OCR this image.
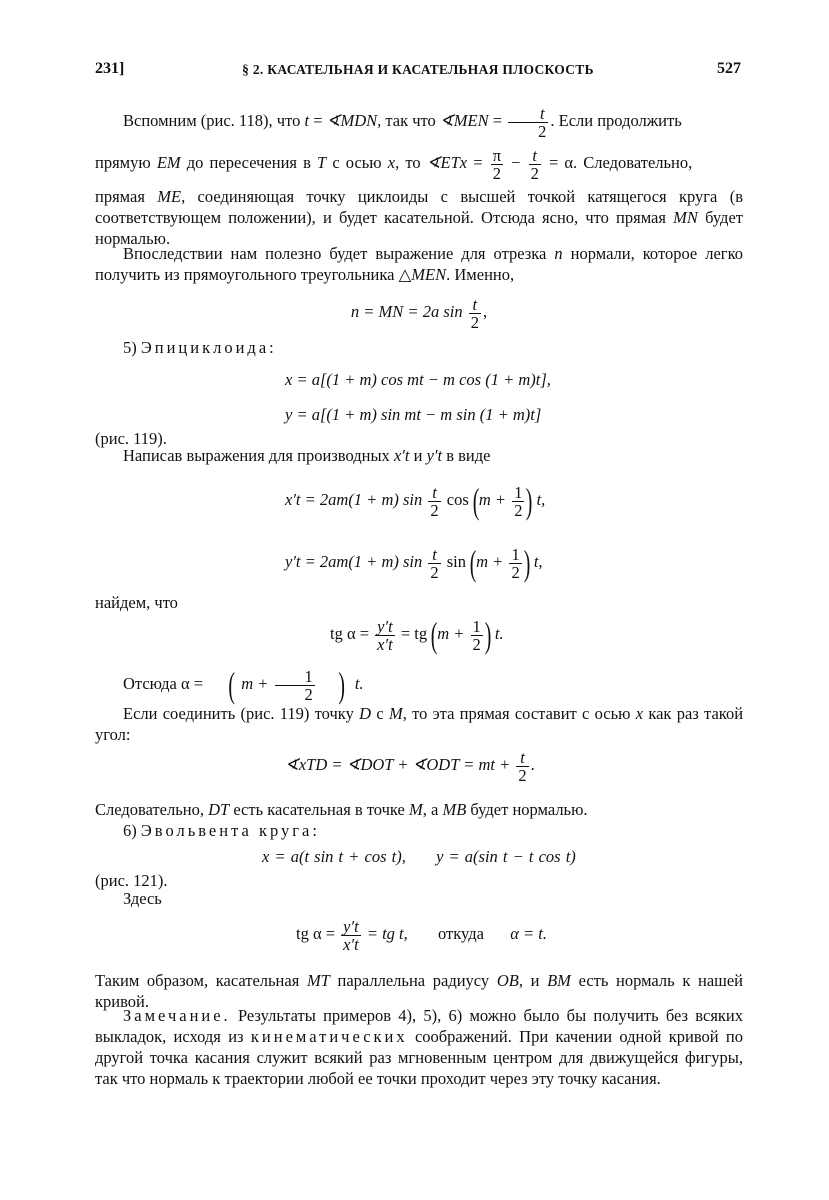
231]	§ 2. КАСАТЕЛЬНАЯ И КАСАТЕЛЬНАЯ ПЛОСКОСТЬ	527
Вспомним (рис. 118), что t = ∢MDN, так что ∢MEN = $\frac{t}{2}$ . Если продолжить
прямую EM до пересечения в T с осью x, то ∢ETx = $\frac{\pi}{2} - \frac{t}{2} = \alpha$. Следовательно,
прямая ME, соединяющая точку циклоиды с высшей точкой катящегося круга (в соответствующем положении), и будет касательной. Отсюда ясно, что прямая MN будет нормалью.
Впоследствии нам полезно будет выражение для отрезка n нормали, которое легко получить из прямоугольного треугольника △MEN. Именно,
n = MN = 2a $\sin \frac{t}{2}$ ,
5) Эпициклоида:
x = a[(1 + m) cos mt − m cos (1 + m)t],
y = a[(1 + m) sin mt − m sin (1 + m)t]
(рис. 119).
Написав выражения для производных x′t и y′t в виде
x′t = 2am(1 + m) $\sin \frac{t}{2}$ $\cos (m + \frac{1}{2}$ ) t,
y′t = 2am(1 + m) $\sin \frac{t}{2}$ $\sin (m + \frac{1}{2}$ ) t,
найдем, что
tg $\alpha = \frac{y't}{x't}$ = tg ($m + \frac{1}{2}$ ) t.
Отсюда α = ( $m + \frac{1}{2}$ ) t.
Если соединить (рис. 119) точку D с M, то эта прямая составит с осью x как раз такой угол:
∢xTD = ∢DOT + ∢ODT = mt + $\frac{t}{2}$ .
Следовательно, DT есть касательная в точке M, а MB будет нормалью.
6) Эвольвента круга:
x = a(t sin t + cos t), y = a(sin t − t cos t)
(рис. 121).
Здесь
tg $\alpha = \frac{y't}{x't}$ = tg t, откуда α = t.
Таким образом, касательная MT параллельна радиусу OB, и BM есть нормаль к нашей кривой.
Замечание. Результаты примеров 4), 5), 6) можно было бы получить без всяких выкладок, исходя из кинематических соображений. При качении одной кривой по другой точка касания служит всякий раз мгновенным центром для движущейся фигуры, так что нормаль к траектории любой ее точки проходит через эту точку касания.
